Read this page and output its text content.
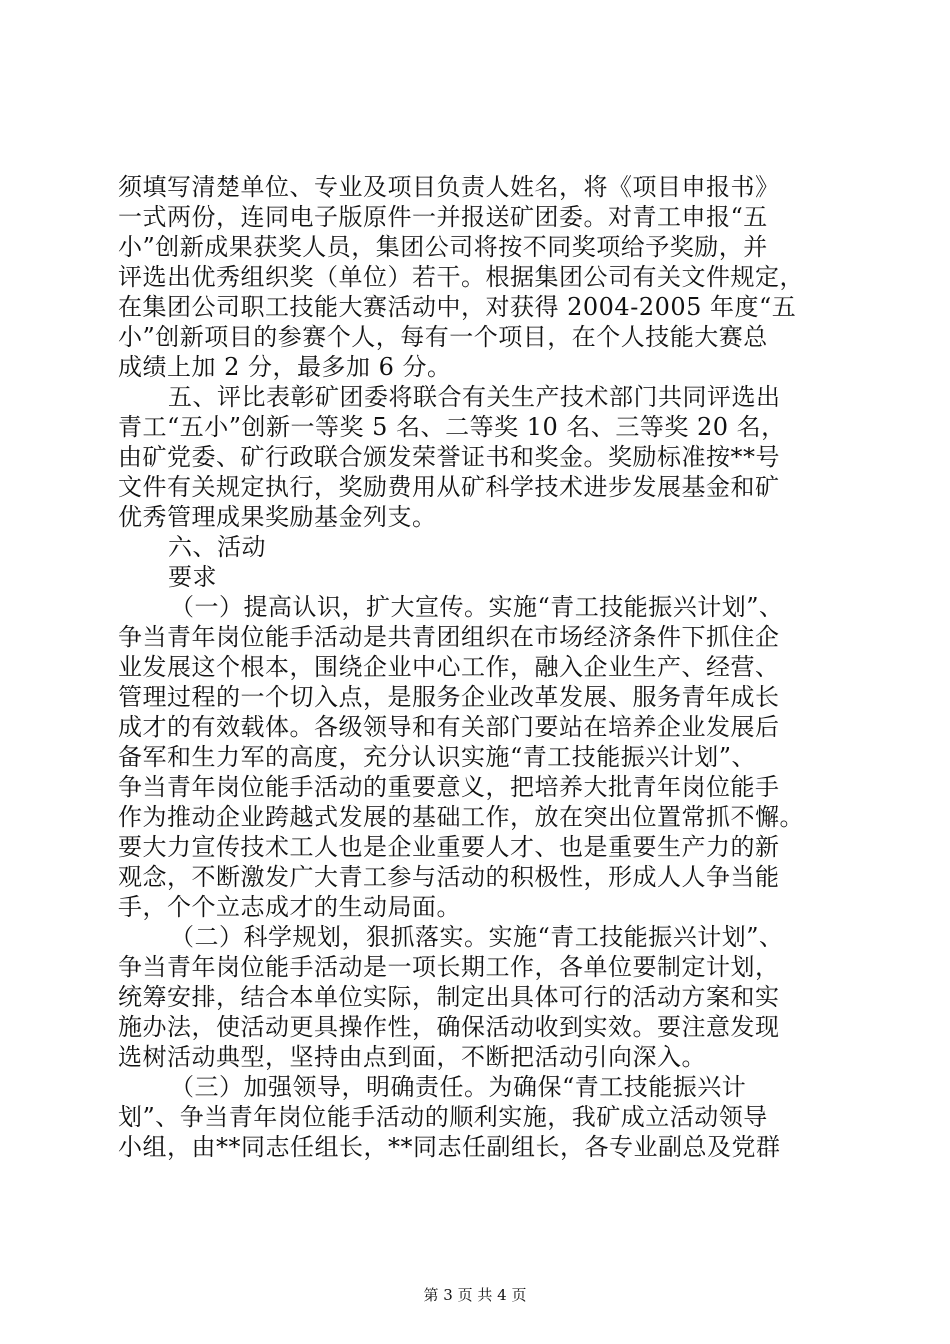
须填写清楚单位、专业及项目负责人姓名，将《项目申报书》
一式两份，连同电子版原件一并报送矿团委。对青工申报“五
小”创新成果获奖人员，集团公司将按不同奖项给予奖励，并
评选出优秀组织奖（单位）若干。根据集团公司有关文件规定，
在集团公司职工技能大赛活动中，对获得 2004-2005 年度“五
小”创新项目的参赛个人，每有一个项目，在个人技能大赛总
成绩上加 2 分，最多加 6 分。
五、评比表彰矿团委将联合有关生产技术部门共同评选出
青工“五小”创新一等奖 5 名、二等奖 10 名、三等奖 20 名，
由矿党委、矿行政联合颁发荣誉证书和奖金。奖励标准按**号
文件有关规定执行，奖励费用从矿科学技术进步发展基金和矿
优秀管理成果奖励基金列支。
六、活动
要求
（一）提高认识，扩大宣传。实施“青工技能振兴计划”、
争当青年岗位能手活动是共青团组织在市场经济条件下抓住企
业发展这个根本，围绕企业中心工作，融入企业生产、经营、
管理过程的一个切入点，是服务企业改革发展、服务青年成长
成才的有效载体。各级领导和有关部门要站在培养企业发展后
备军和生力军的高度，充分认识实施“青工技能振兴计划”、
争当青年岗位能手活动的重要意义，把培养大批青年岗位能手
作为推动企业跨越式发展的基础工作，放在突出位置常抓不懈。
要大力宣传技术工人也是企业重要人才、也是重要生产力的新
观念，不断激发广大青工参与活动的积极性，形成人人争当能
手，个个立志成才的生动局面。
（二）科学规划，狠抓落实。实施“青工技能振兴计划”、
争当青年岗位能手活动是一项长期工作，各单位要制定计划，
统筹安排，结合本单位实际，制定出具体可行的活动方案和实
施办法，使活动更具操作性，确保活动收到实效。要注意发现
选树活动典型，坚持由点到面，不断把活动引向深入。
（三）加强领导，明确责任。为确保“青工技能振兴计
划”、争当青年岗位能手活动的顺利实施，我矿成立活动领导
小组，由**同志任组长，**同志任副组长，各专业副总及党群
第 3 页 共 4 页
